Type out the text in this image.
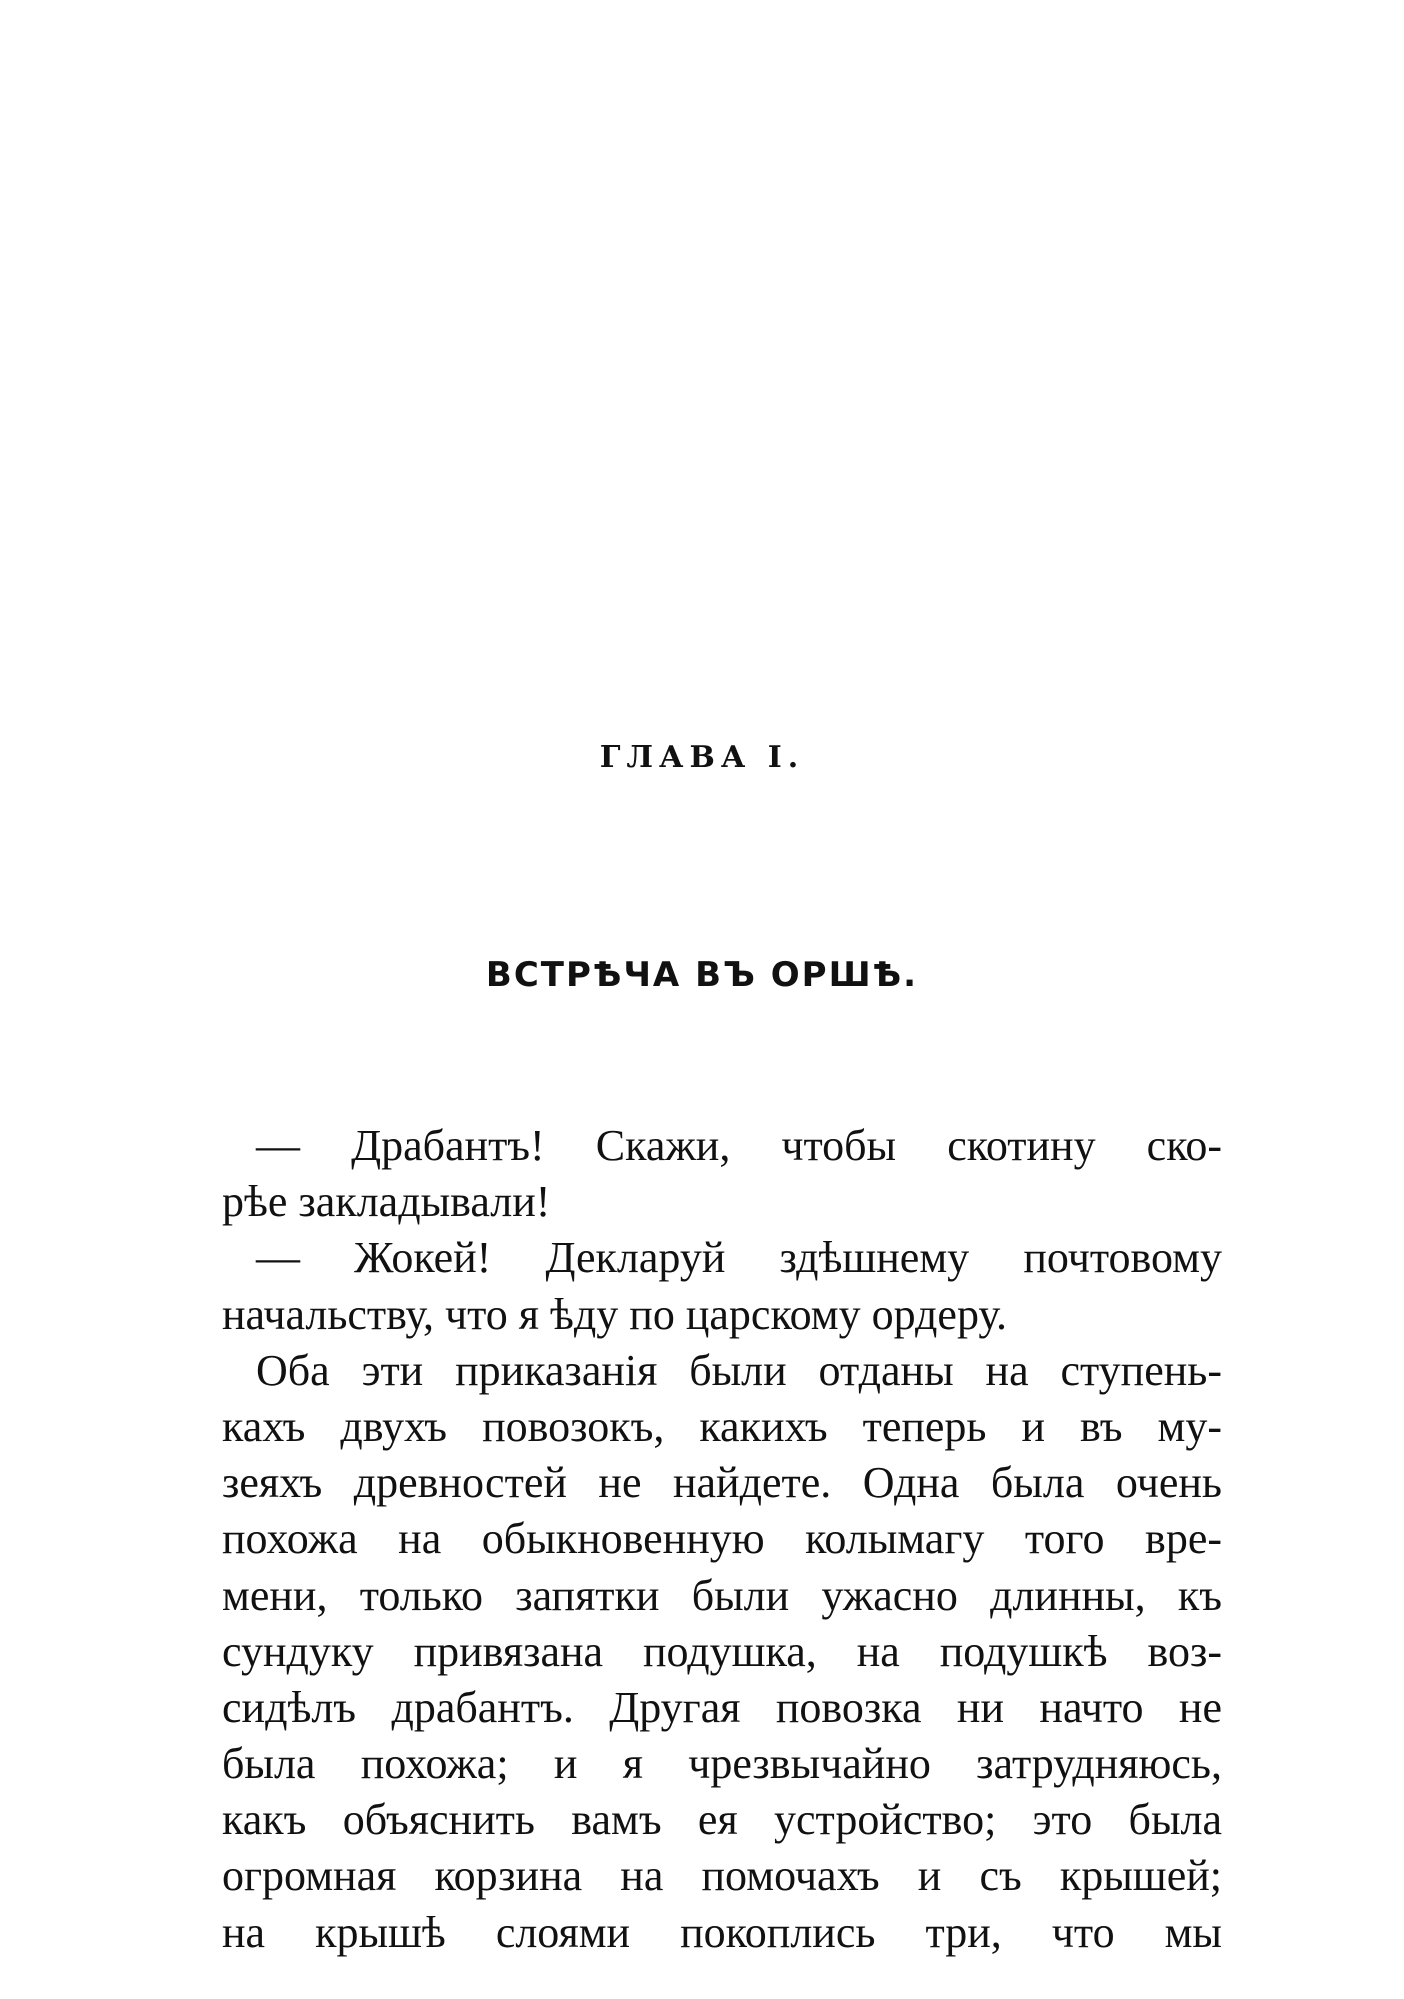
ГЛАВА I.
ВСТРѢЧА ВЪ ОРШѢ.
— Драбантъ! Скажи, чтобы скотину ско-
рѣе закладывали!
— Жокей! Декларуй здѣшнему почтовому
начальству, что я ѣду по царскому ордеру.
Оба эти приказанія были отданы на ступень-
кахъ двухъ повозокъ, какихъ теперь и въ му-
зеяхъ древностей не найдете. Одна была очень
похожа на обыкновенную колымагу того вре-
мени, только запятки были ужасно длинны, къ
сундуку привязана подушка, на подушкѣ воз-
сидѣлъ драбантъ. Другая повозка ни начто не
была похожа; и я чрезвычайно затрудняюсь,
какъ объяснить вамъ ея устройство; это была
огромная корзина на помочахъ и съ крышей;
на крышѣ слоями покоплись три, что мы
